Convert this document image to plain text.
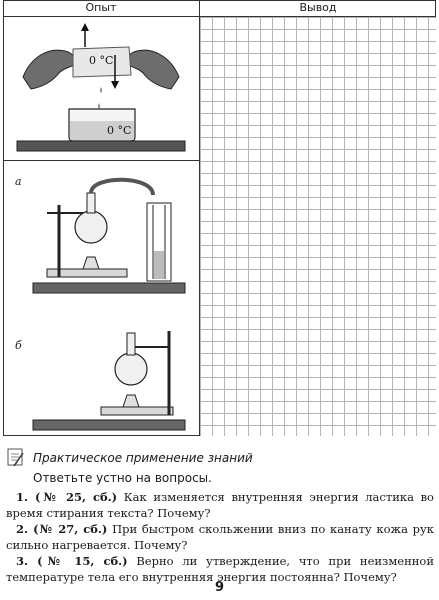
Опыт	Вывод
0 °C
0 °C
а
б
Практическое применение знаний
Ответьте устно на вопросы.
1. (№ 25, сб.) Как изменяется внутренняя энергия ластика во время стирания текста? Почему?
2. (№ 27, сб.) При быстром скольжении вниз по канату кожа рук сильно нагревается. Почему?
3. (№ 15, сб.) Верно ли утверждение, что при неизменной температуре тела его внутренняя энергия постоянна? Почему?
9
